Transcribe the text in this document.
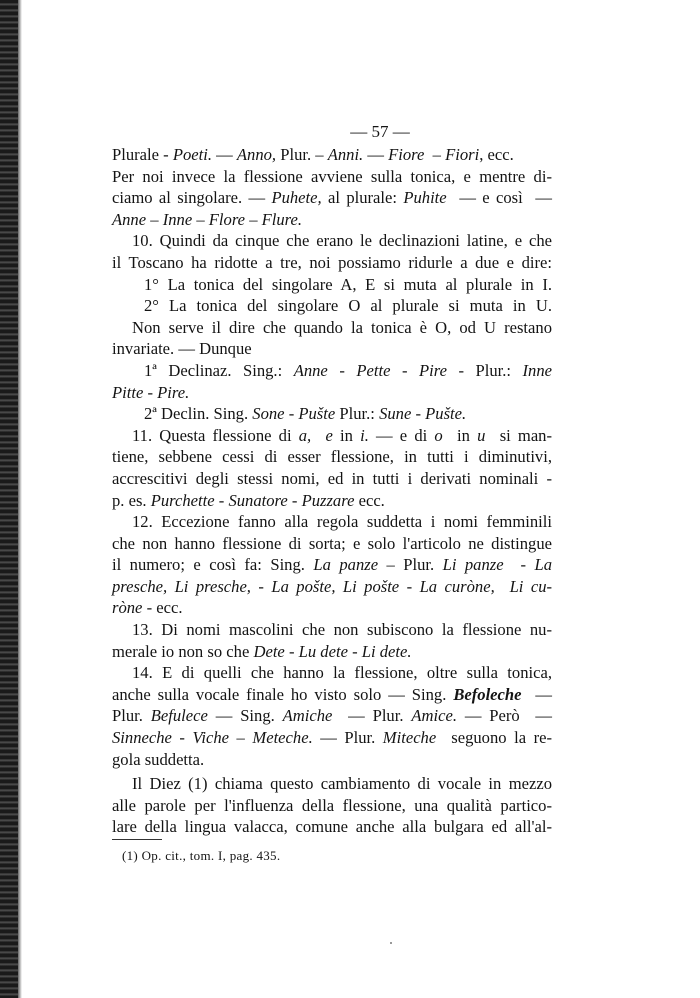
— 57 —
Plurale - Poeti. — Anno, Plur. – Anni. — Fiore  – Fiori, ecc.
Per noi invece la flessione avviene sulla tonica, e mentre di-
ciamo al singolare. — Puhete, al plurale: Puhite  — e così  —
Anne – Inne – Flore – Flure.
10. Quindi da cinque che erano le declinazioni latine, e che
il Toscano ha ridotte a tre, noi possiamo ridurle a due e dire:
1° La tonica del singolare A, E si muta al plurale in I.
2° La tonica del singolare O al plurale si muta in U.
Non serve il dire che quando la tonica è O, od U restano
invariate. — Dunque
1ª Declinaz. Sing.: Anne - Pette - Pire - Plur.: Inne
Pitte - Pire.
2ª Declin. Sing. Sone - Pušte Plur.: Sune - Pušte.
11. Questa flessione di a, e in i. — e di o  in u  si man-
tiene, sebbene cessi di esser flessione, in tutti i diminutivi,
accrescitivi degli stessi nomi, ed in tutti i derivati nominali -
p. es. Purchette - Sunatore - Puzzare ecc.
12. Eccezione fanno alla regola suddetta i nomi femminili
che non hanno flessione di sorta; e solo l'articolo ne distingue
il numero; e così fa: Sing. La panze – Plur. Li panze  - La
presche, Li presche, - La pošte, Li pošte - La curòne, Li cu-
ròne - ecc.
13. Di nomi mascolini che non subiscono la flessione nu-
merale io non so che Dete - Lu dete - Li dete.
14. E di quelli che hanno la flessione, oltre sulla tonica,
anche sulla vocale finale ho visto solo — Sing. Befoleche  —
Plur. Befulece — Sing. Amiche  — Plur. Amice. — Però  —
Sinneche - Viche – Meteche. — Plur. Miteche  seguono la re-
gola suddetta.
Il Diez (1) chiama questo cambiamento di vocale in mezzo
alle parole per l'influenza della flessione, una qualità partico-
lare della lingua valacca, comune anche alla bulgara ed all'al-
(1) Op. cit., tom. I, pag. 435.
